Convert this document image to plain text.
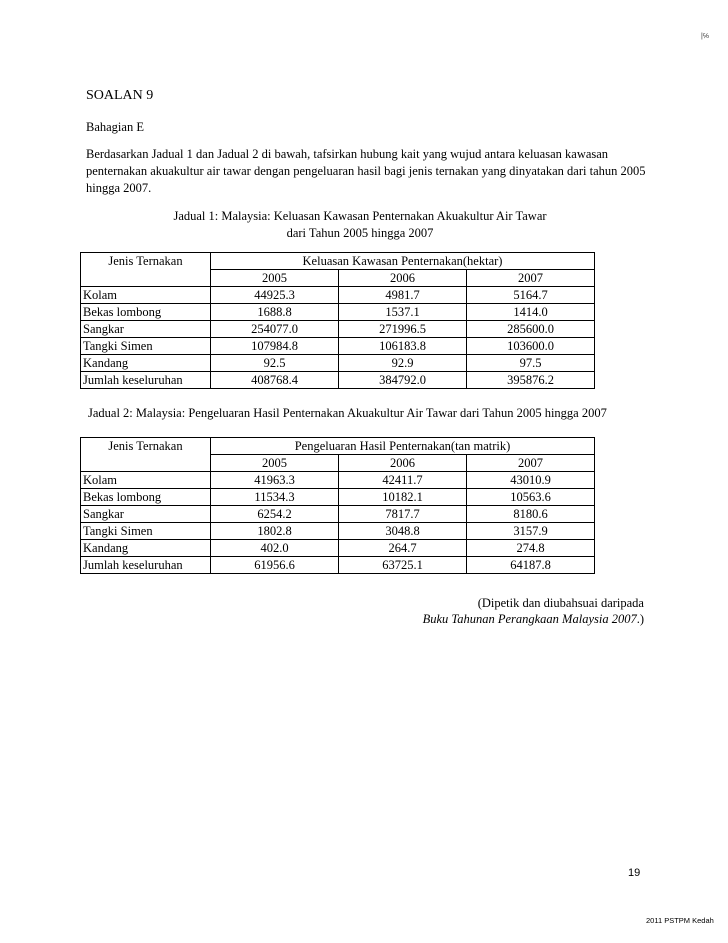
|℅
SOALAN 9
Bahagian E
Berdasarkan Jadual 1 dan Jadual 2 di bawah, tafsirkan hubung kait yang wujud antara keluasan kawasan penternakan akuakultur air tawar dengan pengeluaran hasil bagi jenis ternakan yang dinyatakan dari tahun 2005 hingga 2007.
Jadual 1: Malaysia: Keluasan Kawasan Penternakan Akuakultur Air Tawar
dari Tahun 2005 hingga 2007
Jenis Ternakan	Keluasan Kawasan Penternakan(hektar)		
	2005	2006	2007
Kolam	44925.3	4981.7	5164.7
Bekas lombong	1688.8	1537.1	1414.0
Sangkar	254077.0	271996.5	285600.0
Tangki Simen	107984.8	106183.8	103600.0
Kandang	92.5	92.9	97.5
Jumlah keseluruhan	408768.4	384792.0	395876.2
Jadual 2: Malaysia: Pengeluaran Hasil Penternakan Akuakultur Air Tawar dari Tahun 2005 hingga 2007
Jenis Ternakan	Pengeluaran Hasil Penternakan(tan matrik)		
	2005	2006	2007
Kolam	41963.3	42411.7	43010.9
Bekas lombong	11534.3	10182.1	10563.6
Sangkar	6254.2	7817.7	8180.6
Tangki Simen	1802.8	3048.8	3157.9
Kandang	402.0	264.7	274.8
Jumlah keseluruhan	61956.6	63725.1	64187.8
(Dipetik dan diubahsuai daripada
Buku Tahunan Perangkaan Malaysia 2007.)
19
2011 PSTPM Kedah
